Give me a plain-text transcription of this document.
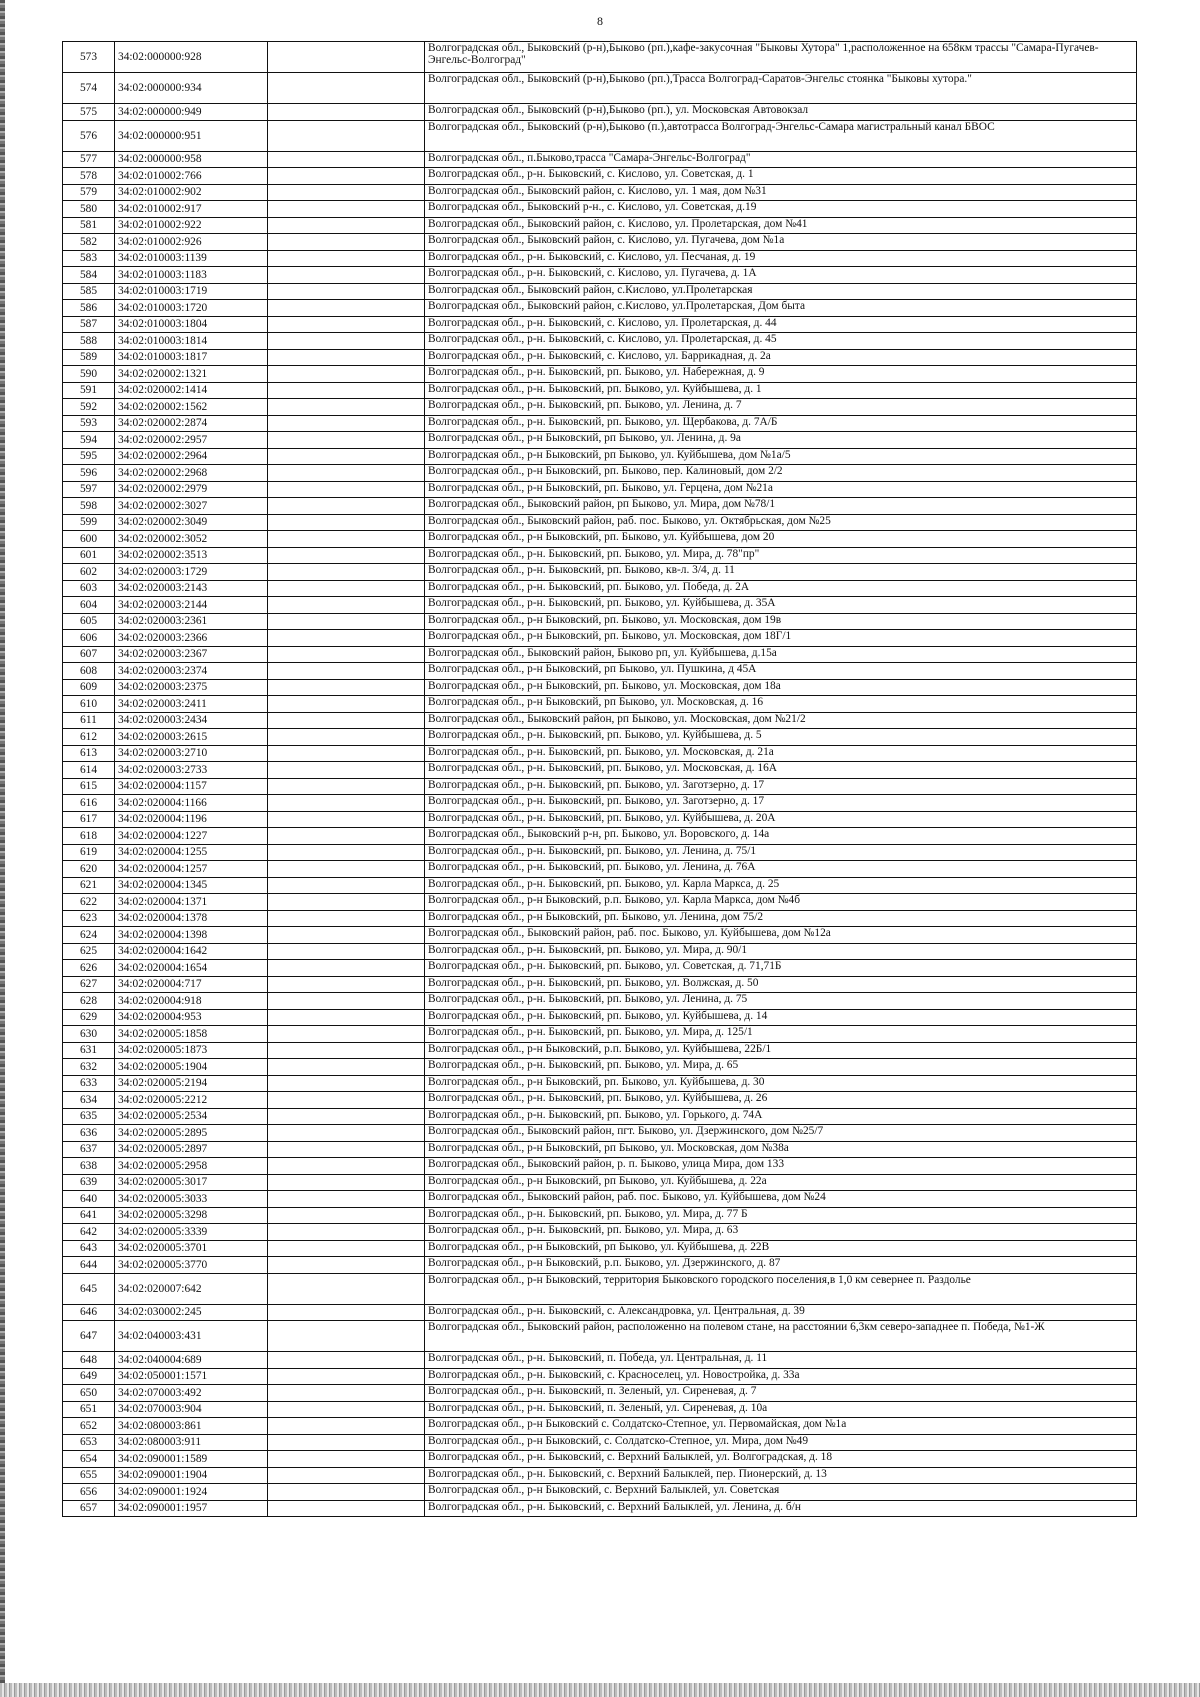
8
573	34:02:000000:928		Волгоградская обл., Быковский (р-н),Быково (рп.),кафе-закусочная "Быковы Хутора" 1,расположенное на 658км трассы "Самара-Пугачев-Энгельс-Волгоград"
574	34:02:000000:934		Волгоградская обл., Быковский (р-н),Быково (рп.),Трасса Волгоград-Саратов-Энгельс стоянка "Быковы хутора."
575	34:02:000000:949		Волгоградская обл., Быковский (р-н),Быково (рп.), ул. Московская Автовокзал
576	34:02:000000:951		Волгоградская обл., Быковский (р-н),Быково (п.),автотрасса Волгоград-Энгельс-Самара магистральный канал БВОС
577	34:02:000000:958		Волгоградская обл., п.Быково,трасса "Самара-Энгельс-Волгоград"
578	34:02:010002:766		Волгоградская обл., р-н. Быковский, с. Кислово, ул. Советская, д. 1
579	34:02:010002:902		Волгоградская обл., Быковский район, с. Кислово, ул. 1 мая, дом №31
580	34:02:010002:917		Волгоградская обл., Быковский р-н., с. Кислово, ул. Советская, д.19
581	34:02:010002:922		Волгоградская обл., Быковский район, с. Кислово, ул. Пролетарская, дом №41
582	34:02:010002:926		Волгоградская обл., Быковский район, с. Кислово, ул. Пугачева, дом №1а
583	34:02:010003:1139		Волгоградская обл., р-н. Быковский, с. Кислово, ул. Песчаная, д. 19
584	34:02:010003:1183		Волгоградская обл., р-н. Быковский, с. Кислово, ул. Пугачева, д. 1А
585	34:02:010003:1719		Волгоградская обл., Быковский район, с.Кислово, ул.Пролетарская
586	34:02:010003:1720		Волгоградская обл., Быковский район, с.Кислово, ул.Пролетарская, Дом быта
587	34:02:010003:1804		Волгоградская обл., р-н. Быковский, с. Кислово, ул. Пролетарская, д. 44
588	34:02:010003:1814		Волгоградская обл., р-н. Быковский, с. Кислово, ул. Пролетарская, д. 45
589	34:02:010003:1817		Волгоградская обл., р-н. Быковский, с. Кислово, ул. Баррикадная, д. 2а
590	34:02:020002:1321		Волгоградская обл., р-н. Быковский, рп. Быково, ул. Набережная, д. 9
591	34:02:020002:1414		Волгоградская обл., р-н. Быковский, рп. Быково, ул. Куйбышева, д. 1
592	34:02:020002:1562		Волгоградская обл., р-н. Быковский, рп. Быково, ул. Ленина, д. 7
593	34:02:020002:2874		Волгоградская обл., р-н. Быковский, рп. Быково, ул. Щербакова, д. 7А/Б
594	34:02:020002:2957		Волгоградская обл., р-н Быковский, рп Быково, ул. Ленина, д. 9а
595	34:02:020002:2964		Волгоградская обл., р-н Быковский, рп Быково, ул. Куйбышева, дом №1а/5
596	34:02:020002:2968		Волгоградская обл., р-н Быковский, рп. Быково, пер. Калиновый, дом 2/2
597	34:02:020002:2979		Волгоградская обл., р-н Быковский, рп. Быково, ул. Герцена, дом №21а
598	34:02:020002:3027		Волгоградская обл., Быковский район, рп Быково, ул. Мира, дом №78/1
599	34:02:020002:3049		Волгоградская обл., Быковский район, раб. пос. Быково, ул. Октябрьская, дом №25
600	34:02:020002:3052		Волгоградская обл., р-н Быковский, рп. Быково, ул. Куйбышева, дом 20
601	34:02:020002:3513		Волгоградская обл., р-н. Быковский, рп. Быково, ул. Мира, д. 78"пр"
602	34:02:020003:1729		Волгоградская обл., р-н. Быковский, рп. Быково, кв-л. 3/4, д. 11
603	34:02:020003:2143		Волгоградская обл., р-н. Быковский, рп. Быково, ул. Победа, д. 2А
604	34:02:020003:2144		Волгоградская обл., р-н. Быковский, рп. Быково, ул. Куйбышева, д. 35А
605	34:02:020003:2361		Волгоградская обл., р-н Быковский, рп. Быково, ул. Московская, дом 19в
606	34:02:020003:2366		Волгоградская обл., р-н Быковский, рп. Быково, ул. Московская, дом 18Г/1
607	34:02:020003:2367		Волгоградская обл., Быковский район, Быково рп, ул. Куйбышева, д.15а
608	34:02:020003:2374		Волгоградская обл., р-н Быковский, рп Быково, ул. Пушкина, д 45А
609	34:02:020003:2375		Волгоградская обл., р-н Быковский, рп. Быково, ул. Московская, дом 18а
610	34:02:020003:2411		Волгоградская обл., р-н Быковский, рп Быково, ул. Московская, д. 16
611	34:02:020003:2434		Волгоградская обл., Быковский район, рп Быково, ул. Московская, дом №21/2
612	34:02:020003:2615		Волгоградская обл., р-н. Быковский, рп. Быково, ул. Куйбышева, д. 5
613	34:02:020003:2710		Волгоградская обл., р-н. Быковский, рп. Быково, ул. Московская, д. 21а
614	34:02:020003:2733		Волгоградская обл., р-н. Быковский, рп. Быково, ул. Московская, д. 16А
615	34:02:020004:1157		Волгоградская обл., р-н. Быковский, рп. Быково, ул. Заготзерно, д. 17
616	34:02:020004:1166		Волгоградская обл., р-н. Быковский, рп. Быково, ул. Заготзерно, д. 17
617	34:02:020004:1196		Волгоградская обл., р-н. Быковский, рп. Быково, ул. Куйбышева, д. 20А
618	34:02:020004:1227		Волгоградская обл., Быковский р-н, рп. Быково, ул. Воровского, д. 14а
619	34:02:020004:1255		Волгоградская обл., р-н. Быковский, рп. Быково, ул. Ленина, д. 75/1
620	34:02:020004:1257		Волгоградская обл., р-н. Быковский, рп. Быково, ул. Ленина, д. 76А
621	34:02:020004:1345		Волгоградская обл., р-н. Быковский, рп. Быково, ул. Карла Маркса, д. 25
622	34:02:020004:1371		Волгоградская обл., р-н Быковский, р.п. Быково, ул. Карла Маркса, дом №4б
623	34:02:020004:1378		Волгоградская обл., р-н Быковский, рп. Быково, ул. Ленина, дом 75/2
624	34:02:020004:1398		Волгоградская обл., Быковский район, раб. пос. Быково, ул. Куйбышева, дом №12а
625	34:02:020004:1642		Волгоградская обл., р-н. Быковский, рп. Быково, ул. Мира, д. 90/1
626	34:02:020004:1654		Волгоградская обл., р-н. Быковский, рп. Быково, ул. Советская, д. 71,71Б
627	34:02:020004:717		Волгоградская обл., р-н. Быковский, рп. Быково, ул. Волжская, д. 50
628	34:02:020004:918		Волгоградская обл., р-н. Быковский, рп. Быково, ул. Ленина, д. 75
629	34:02:020004:953		Волгоградская обл., р-н. Быковский, рп. Быково, ул. Куйбышева, д. 14
630	34:02:020005:1858		Волгоградская обл., р-н. Быковский, рп. Быково, ул. Мира, д. 125/1
631	34:02:020005:1873		Волгоградская обл., р-н Быковский, р.п. Быково, ул. Куйбышева, 22Б/1
632	34:02:020005:1904		Волгоградская обл., р-н. Быковский, рп. Быково, ул. Мира, д. 65
633	34:02:020005:2194		Волгоградская обл., р-н Быковский, рп. Быково, ул. Куйбышева, д. 30
634	34:02:020005:2212		Волгоградская обл., р-н. Быковский, рп. Быково, ул. Куйбышева, д. 26
635	34:02:020005:2534		Волгоградская обл., р-н. Быковский, рп. Быково, ул. Горького, д. 74А
636	34:02:020005:2895		Волгоградская обл., Быковский район, пгт. Быково, ул. Дзержинского, дом №25/7
637	34:02:020005:2897		Волгоградская обл., р-н Быковский, рп Быково, ул. Московская, дом №38а
638	34:02:020005:2958		Волгоградская обл., Быковский район, р. п. Быково, улица Мира, дом 133
639	34:02:020005:3017		Волгоградская обл., р-н Быковский, рп Быково, ул. Куйбышева, д. 22а
640	34:02:020005:3033		Волгоградская обл., Быковский район, раб. пос. Быково, ул. Куйбышева, дом №24
641	34:02:020005:3298		Волгоградская обл., р-н. Быковский, рп. Быково, ул. Мира, д. 77 Б
642	34:02:020005:3339		Волгоградская обл., р-н. Быковский, рп. Быково, ул. Мира, д. 63
643	34:02:020005:3701		Волгоградская обл., р-н Быковский, рп Быково, ул. Куйбышева, д. 22В
644	34:02:020005:3770		Волгоградская обл., р-н Быковский, р.п. Быково, ул. Дзержинского, д. 87
645	34:02:020007:642		Волгоградская обл., р-н Быковский, территория Быковского городского поселения,в 1,0 км севернее п. Раздолье
646	34:02:030002:245		Волгоградская обл., р-н. Быковский, с. Александровка, ул. Центральная, д. 39
647	34:02:040003:431		Волгоградская обл., Быковский район, расположенно на полевом стане, на расстоянии 6,3км северо-западнее п. Победа, №1-Ж
648	34:02:040004:689		Волгоградская обл., р-н. Быковский, п. Победа, ул. Центральная, д. 11
649	34:02:050001:1571		Волгоградская обл., р-н. Быковский, с. Красноселец, ул. Новостройка, д. 33а
650	34:02:070003:492		Волгоградская обл., р-н. Быковский, п. Зеленый, ул. Сиреневая, д. 7
651	34:02:070003:904		Волгоградская обл., р-н. Быковский, п. Зеленый, ул. Сиреневая, д. 10а
652	34:02:080003:861		Волгоградская обл., р-н Быковский с. Солдатско-Степное, ул. Первомайская, дом №1а
653	34:02:080003:911		Волгоградская обл., р-н Быковский, с. Солдатско-Степное, ул. Мира, дом №49
654	34:02:090001:1589		Волгоградская обл., р-н. Быковский, с. Верхний Балыклей, ул. Волгоградская, д. 18
655	34:02:090001:1904		Волгоградская обл., р-н. Быковский, с. Верхний Балыклей, пер. Пионерский, д. 13
656	34:02:090001:1924		Волгоградская обл., р-н Быковский, с. Верхний Балыклей, ул. Советская
657	34:02:090001:1957		Волгоградская обл., р-н. Быковский, с. Верхний Балыклей, ул. Ленина, д. б/н
